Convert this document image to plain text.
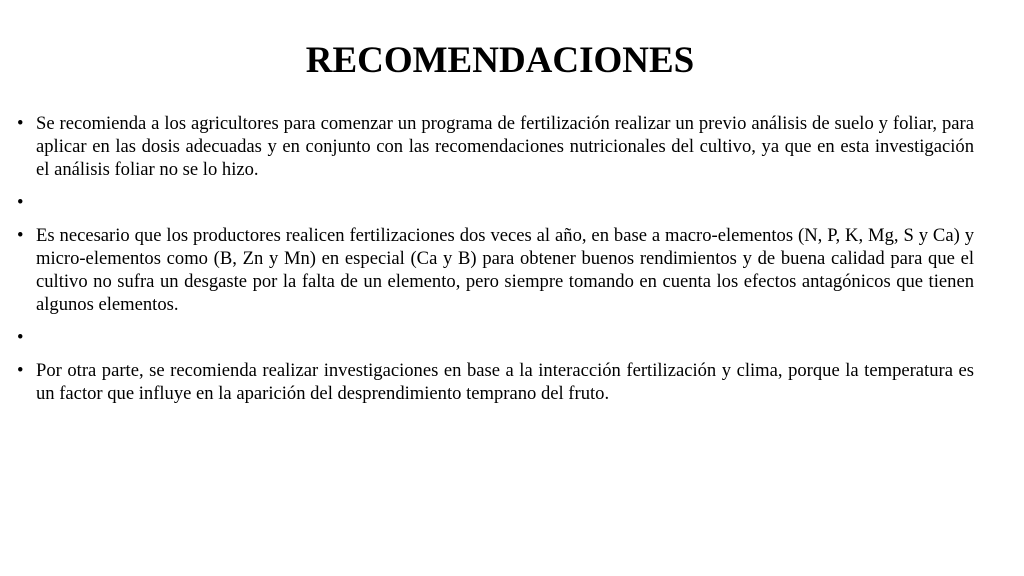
RECOMENDACIONES
• Se recomienda a los agricultores para comenzar un programa de fertilización realizar un previo análisis de suelo y foliar, para aplicar en las dosis adecuadas y en conjunto con las recomendaciones nutricionales del cultivo, ya que en esta investigación el análisis foliar no se lo hizo.
•
• Es necesario que los productores realicen fertilizaciones dos veces al año, en base a macro-elementos (N, P, K, Mg, S y Ca) y micro-elementos como (B, Zn y Mn) en especial (Ca y B) para obtener buenos rendimientos y de buena calidad para que el cultivo no sufra un desgaste por la falta de un elemento, pero siempre tomando en cuenta los efectos antagónicos que tienen algunos elementos.
•
• Por otra parte, se recomienda realizar investigaciones en base a la interacción fertilización y clima, porque la temperatura es un factor que influye en la aparición del desprendimiento temprano del fruto.
